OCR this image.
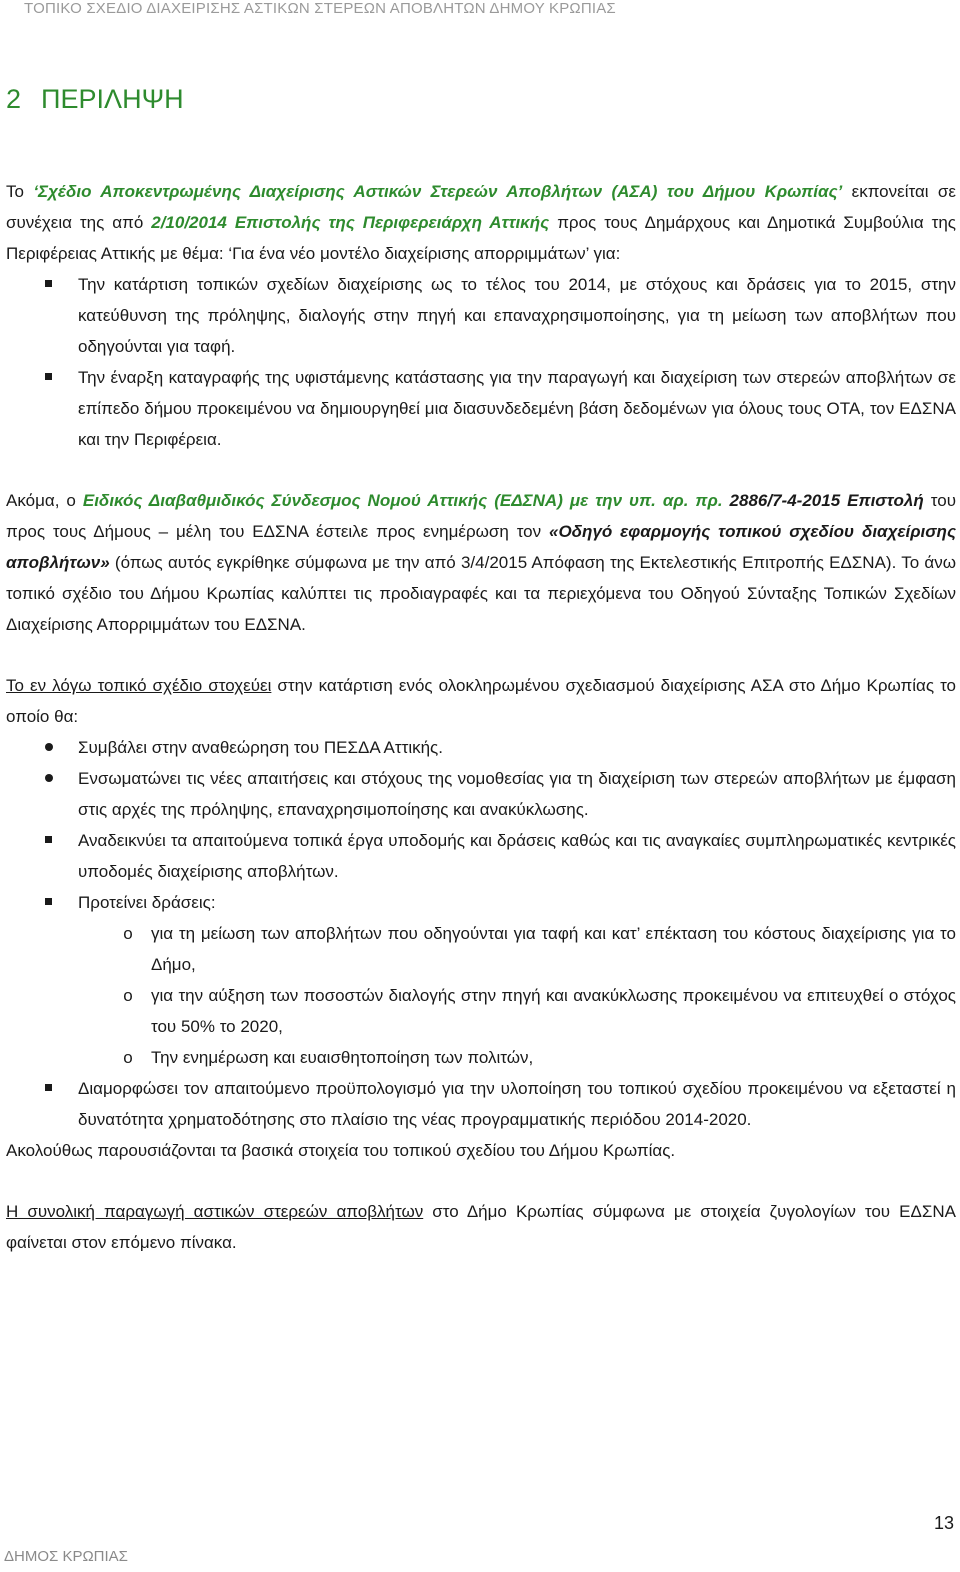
ΤΟΠΙΚΟ ΣΧΕΔΙΟ ΔΙΑΧΕΙΡΙΣΗΣ ΑΣΤΙΚΩΝ ΣΤΕΡΕΩΝ ΑΠΟΒΛΗΤΩΝ ΔΗΜΟΥ ΚΡΩΠΙΑΣ
2 ΠΕΡΙΛΗΨΗ

Το ‘Σχέδιο Αποκεντρωμένης Διαχείρισης Αστικών Στερεών Αποβλήτων (ΑΣΑ) του Δήμου Κρωπίας’ εκπονείται σε συνέχεια της από 2/10/2014 Επιστολής της Περιφερειάρχη Αττικής προς τους Δημάρχους και Δημοτικά Συμβούλια της Περιφέρειας Αττικής με θέμα: ‘Για ένα νέο μοντέλο διαχείρισης απορριμμάτων’ για:

Την κατάρτιση τοπικών σχεδίων διαχείρισης ως το τέλος του 2014, με στόχους και δράσεις για το 2015, στην κατεύθυνση της πρόληψης, διαλογής στην πηγή και επαναχρησιμοποίησης, για τη μείωση των αποβλήτων που οδηγούνται για ταφή.
Την έναρξη καταγραφής της υφιστάμενης κατάστασης για την παραγωγή και διαχείριση των στερεών αποβλήτων σε επίπεδο δήμου προκειμένου να δημιουργηθεί μια διασυνδεδεμένη βάση δεδομένων για όλους τους ΟΤΑ, τον ΕΔΣΝΑ και την Περιφέρεια.

Ακόμα, ο Ειδικός Διαβαθμιδικός Σύνδεσμος Νομού Αττικής (ΕΔΣΝΑ) με την υπ. αρ. πρ. 2886/7-4-2015 Επιστολή του προς τους Δήμους – μέλη του ΕΔΣΝΑ έστειλε προς ενημέρωση τον «Οδηγό εφαρμογής τοπικού σχεδίου διαχείρισης αποβλήτων» (όπως αυτός εγκρίθηκε σύμφωνα με την από 3/4/2015 Απόφαση της Εκτελεστικής Επιτροπής ΕΔΣΝΑ). Το άνω τοπικό σχέδιο του Δήμου Κρωπίας καλύπτει τις προδιαγραφές και τα περιεχόμενα του Οδηγού Σύνταξης Τοπικών Σχεδίων Διαχείρισης Απορριμμάτων του ΕΔΣΝΑ.

Το εν λόγω τοπικό σχέδιο στοχεύει στην κατάρτιση ενός ολοκληρωμένου σχεδιασμού διαχείρισης ΑΣΑ στο Δήμο Κρωπίας το οποίο θα:

Συμβάλει στην αναθεώρηση του ΠΕΣΔΑ Αττικής.
Ενσωματώνει τις νέες απαιτήσεις και στόχους της νομοθεσίας για τη διαχείριση των στερεών αποβλήτων με έμφαση στις αρχές της πρόληψης, επαναχρησιμοποίησης και ανακύκλωσης.
Αναδεικνύει τα απαιτούμενα τοπικά έργα υποδομής και δράσεις καθώς και τις αναγκαίες συμπληρωματικές κεντρικές υποδομές διαχείρισης αποβλήτων.
Προτείνει δράσεις:
o	για τη μείωση των αποβλήτων που οδηγούνται για ταφή και κατ’ επέκταση του κόστους διαχείρισης για το Δήμο,
o	για την αύξηση των ποσοστών διαλογής στην πηγή και ανακύκλωσης προκειμένου να επιτευχθεί ο στόχος του 50% το 2020,
o	Την ενημέρωση και ευαισθητοποίηση των πολιτών,
Διαμορφώσει τον απαιτούμενο προϋπολογισμό για την υλοποίηση του τοπικού σχεδίου προκειμένου να εξεταστεί η δυνατότητα χρηματοδότησης στο πλαίσιο της νέας προγραμματικής περιόδου 2014-2020.

Ακολούθως παρουσιάζονται τα βασικά στοιχεία του τοπικού σχεδίου του Δήμου Κρωπίας.

Η συνολική παραγωγή αστικών στερεών αποβλήτων στο Δήμο Κρωπίας σύμφωνα με στοιχεία ζυγολογίων του ΕΔΣΝΑ φαίνεται στον επόμενο πίνακα.

13
ΔΗΜΟΣ ΚΡΩΠΙΑΣ
